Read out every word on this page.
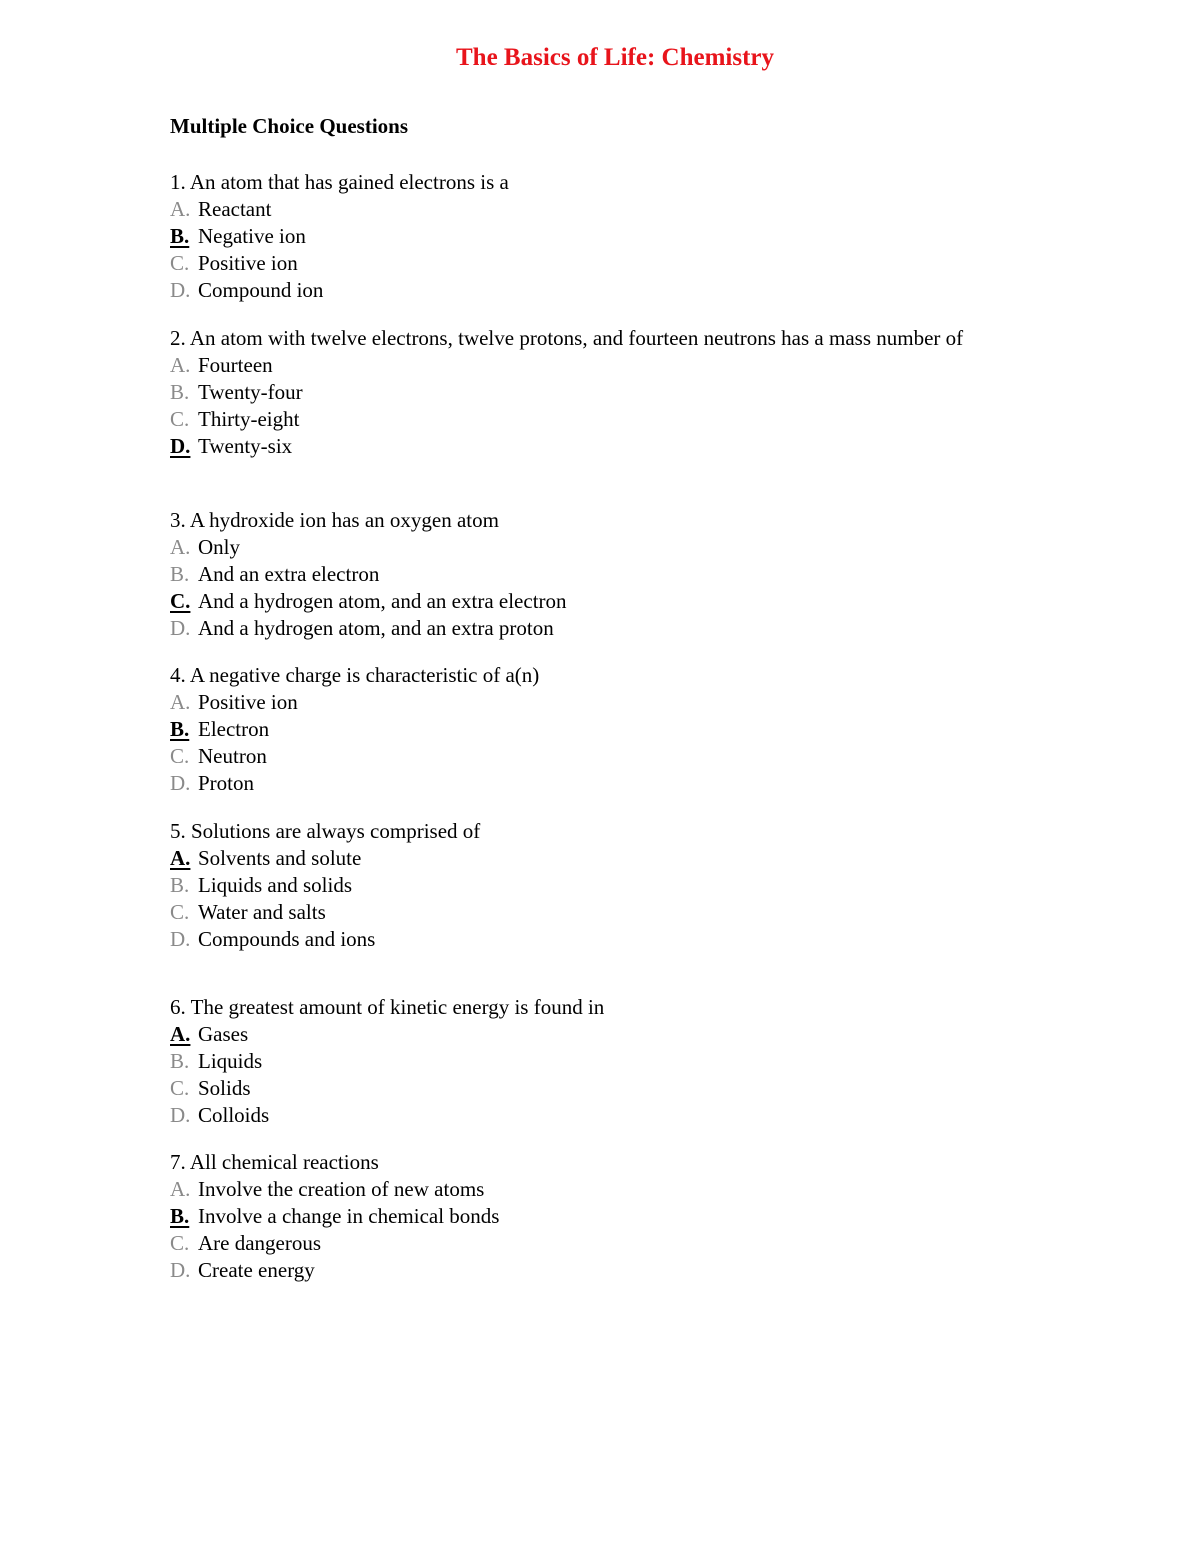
The Basics of Life: Chemistry
Multiple Choice Questions
1. An atom that has gained electrons is a
A. Reactant
B. Negative ion
C. Positive ion
D. Compound ion
2. An atom with twelve electrons, twelve protons, and fourteen neutrons has a mass number of
A. Fourteen
B. Twenty-four
C. Thirty-eight
D. Twenty-six
3. A hydroxide ion has an oxygen atom
A. Only
B. And an extra electron
C. And a hydrogen atom, and an extra electron
D. And a hydrogen atom, and an extra proton
4. A negative charge is characteristic of a(n)
A. Positive ion
B. Electron
C. Neutron
D. Proton
5. Solutions are always comprised of
A. Solvents and solute
B. Liquids and solids
C. Water and salts
D. Compounds and ions
6. The greatest amount of kinetic energy is found in
A. Gases
B. Liquids
C. Solids
D. Colloids
7. All chemical reactions
A. Involve the creation of new atoms
B. Involve a change in chemical bonds
C. Are dangerous
D. Create energy
